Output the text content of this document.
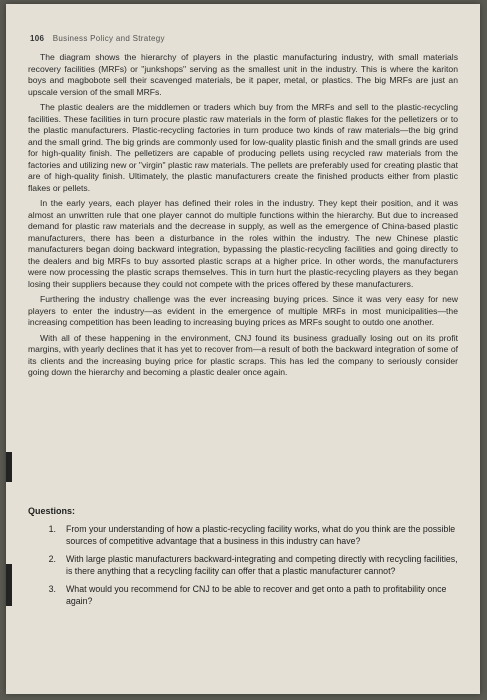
106 Business Policy and Strategy

The diagram shows the hierarchy of players in the plastic manufacturing industry, with small materials recovery facilities (MRFs) or "junkshops" serving as the smallest unit in the industry. This is where the kariton boys and magbobote sell their scavenged materials, be it paper, metal, or plastics. The big MRFs are just an upscale version of the small MRFs.

The plastic dealers are the middlemen or traders which buy from the MRFs and sell to the plastic-recycling facilities. These facilities in turn procure plastic raw materials in the form of plastic flakes for the pelletizers or to the plastic manufacturers. Plastic-recycling factories in turn produce two kinds of raw materials—the big grind and the small grind. The big grinds are commonly used for low-quality plastic finish and the small grinds are used for high-quality finish. The pelletizers are capable of producing pellets using recycled raw materials from the factories and utilizing new or "virgin" plastic raw materials. The pellets are preferably used for creating plastic that are of high-quality finish. Ultimately, the plastic manufacturers create the finished products either from plastic flakes or pellets.

In the early years, each player has defined their roles in the industry. They kept their position, and it was almost an unwritten rule that one player cannot do multiple functions within the hierarchy. But due to increased demand for plastic raw materials and the decrease in supply, as well as the emergence of China-based plastic manufacturers, there has been a disturbance in the roles within the industry. The new Chinese plastic manufacturers began doing backward integration, bypassing the plastic-recycling facilities and going directly to the dealers and big MRFs to buy assorted plastic scraps at a higher price. In other words, the manufacturers were now processing the plastic scraps themselves. This in turn hurt the plastic-recycling players as they began losing their suppliers because they could not compete with the prices offered by these manufacturers.

Furthering the industry challenge was the ever increasing buying prices. Since it was very easy for new players to enter the industry—as evident in the emergence of multiple MRFs in most municipalities—the increasing competition has been leading to increasing buying prices as MRFs sought to outdo one another.

With all of these happening in the environment, CNJ found its business gradually losing out on its profit margins, with yearly declines that it has yet to recover from—a result of both the backward integration of some of its clients and the increasing buying price for plastic scraps. This has led the company to seriously consider going down the hierarchy and becoming a plastic dealer once again.

Questions:
1.	From your understanding of how a plastic-recycling facility works, what do you think are the possible sources of competitive advantage that a business in this industry can have?
2.	With large plastic manufacturers backward-integrating and competing directly with recycling facilities, is there anything that a recycling facility can offer that a plastic manufacturer cannot?
3.	What would you recommend for CNJ to be able to recover and get onto a path to profitability once again?
